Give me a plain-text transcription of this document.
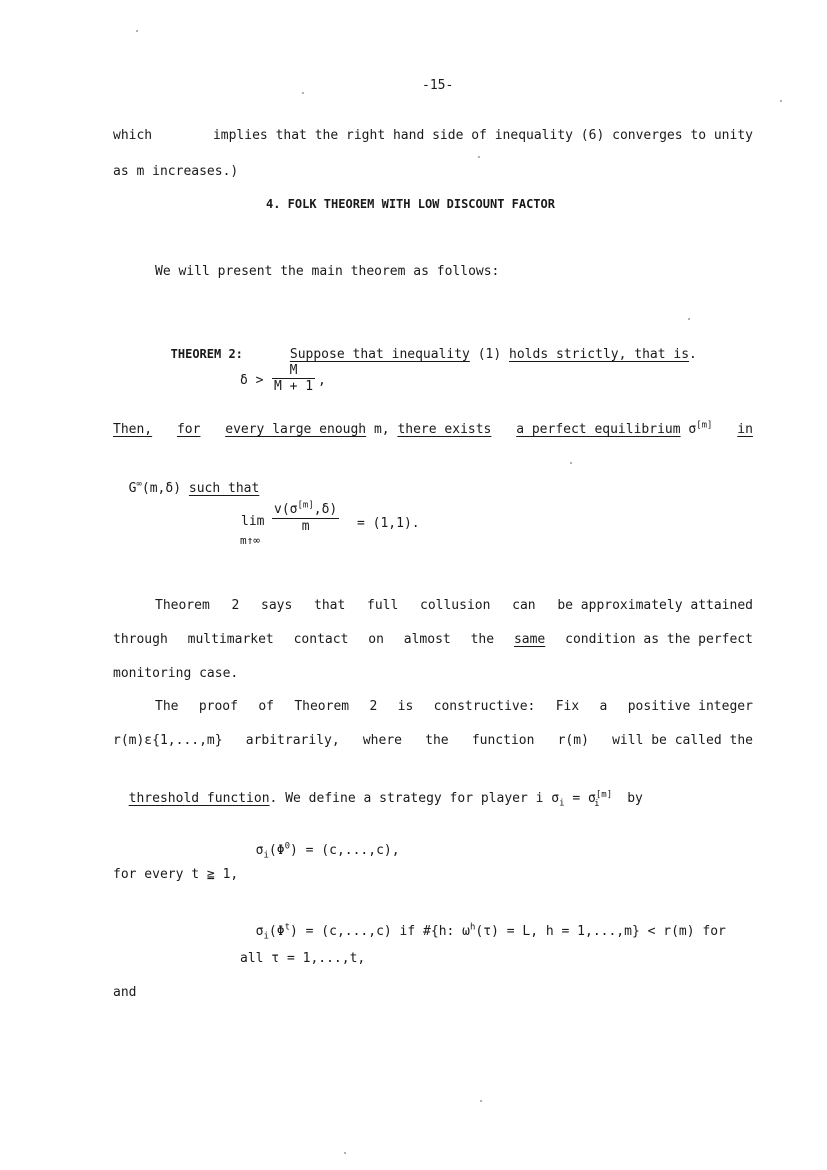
-15-
which	implies that the right hand side of inequality (6) converges to unity
as m increases.)
4. FOLK THEOREM WITH LOW DISCOUNT FACTOR
We will present the main theorem as follows:

THEOREM 2:	Suppose that inequality (1) holds strictly, that is.

δ >
M
M + 1 ,
Then, for every large enough m, there exists a perfect equilibrium σ[m] in

G∞(m,δ) such that

lim
m↑∞
v(σ[m],δ)
m	= (1,1).
Theorem 2 says that full collusion can be approximately attained
through multimarket contact on almost the same condition as the perfect
monitoring case.
The proof of Theorem 2 is constructive: Fix a positive integer
r(m)ε{1,...,m} arbitrarily, where the function r(m) will be called the

threshold function. We define a strategy for player i $\sigma_i = \sigma[m]_i$  by

$\sigma_i(\Phi^0) = (c,...,c)$,

for every t ≧ 1,

$\sigma_i(\Phi^t) = (c,...,c)$ if #{h: $\omega^h(\tau) = L$, h = 1,...,m} < r(m) for

all τ = 1,...,t,
and
